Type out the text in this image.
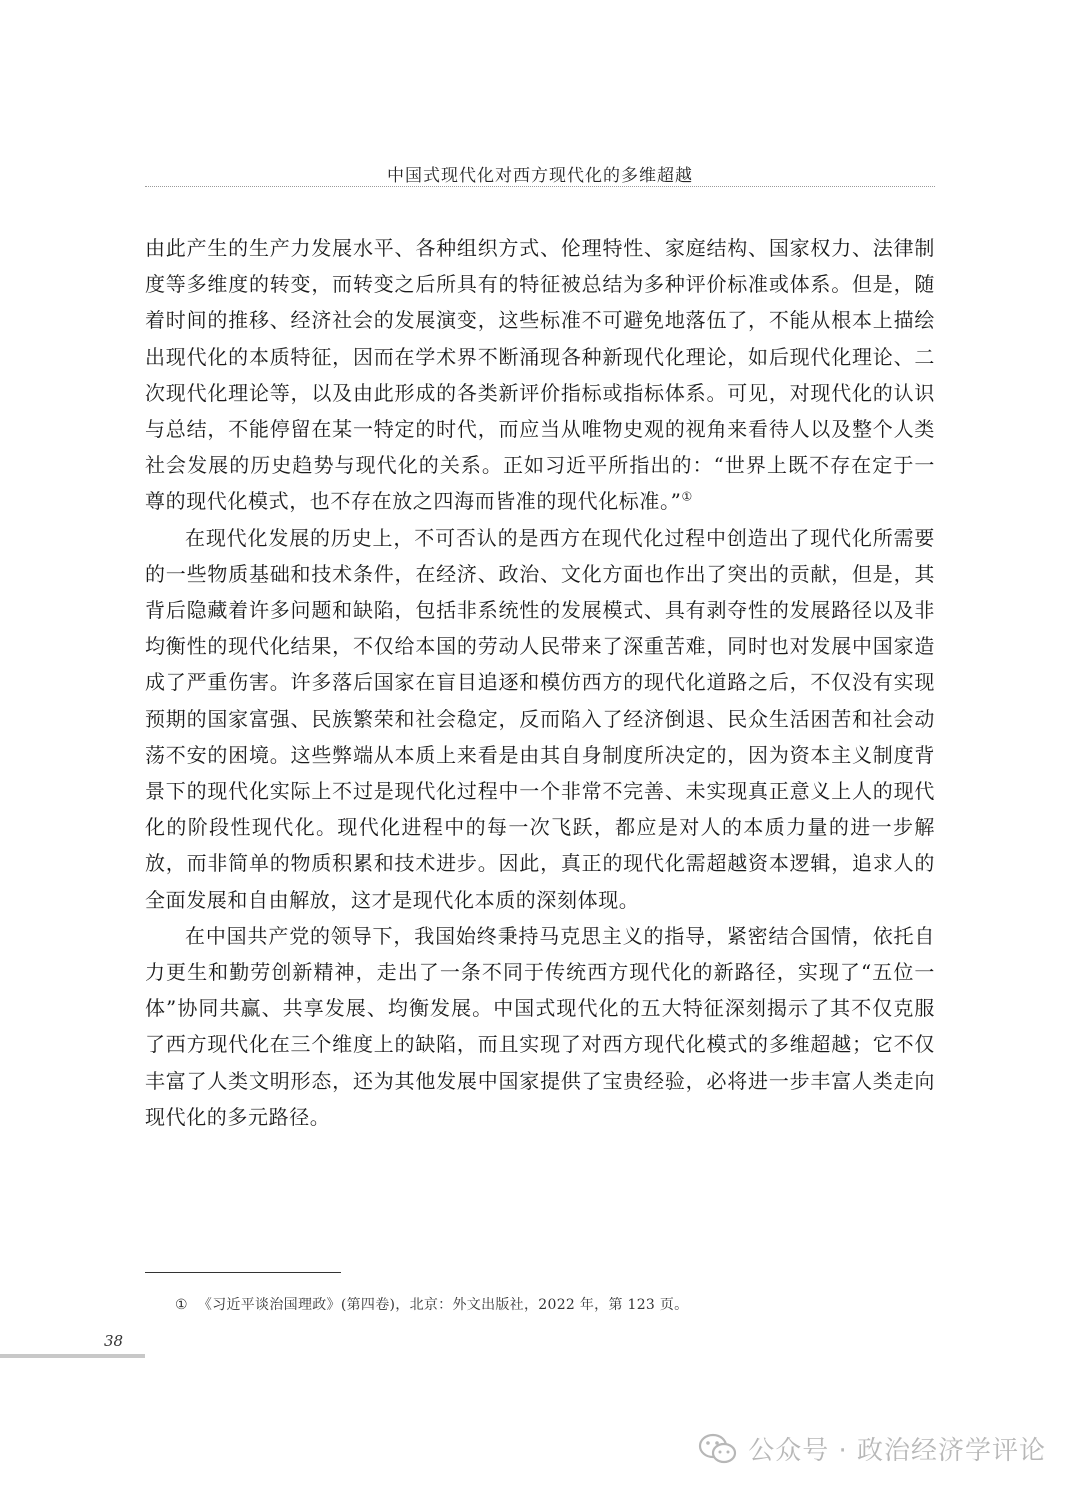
中国式现代化对西方现代化的多维超越

由此产生的生产力发展水平、各种组织方式、伦理特性、家庭结构、国家权力、法律制度等多维度的转变，而转变之后所具有的特征被总结为多种评价标准或体系。但是，随着时间的推移、经济社会的发展演变，这些标准不可避免地落伍了，不能从根本上描绘出现代化的本质特征，因而在学术界不断涌现各种新现代化理论，如后现代化理论、二次现代化理论等，以及由此形成的各类新评价指标或指标体系。可见，对现代化的认识与总结，不能停留在某一特定的时代，而应当从唯物史观的视角来看待人以及整个人类社会发展的历史趋势与现代化的关系。正如习近平所指出的：“世界上既不存在定于一尊的现代化模式，也不存在放之四海而皆准的现代化标准。”①

在现代化发展的历史上，不可否认的是西方在现代化过程中创造出了现代化所需要的一些物质基础和技术条件，在经济、政治、文化方面也作出了突出的贡献，但是，其背后隐藏着许多问题和缺陷，包括非系统性的发展模式、具有剥夺性的发展路径以及非均衡性的现代化结果，不仅给本国的劳动人民带来了深重苦难，同时也对发展中国家造成了严重伤害。许多落后国家在盲目追逐和模仿西方的现代化道路之后，不仅没有实现预期的国家富强、民族繁荣和社会稳定，反而陷入了经济倒退、民众生活困苦和社会动荡不安的困境。这些弊端从本质上来看是由其自身制度所决定的，因为资本主义制度背景下的现代化实际上不过是现代化过程中一个非常不完善、未实现真正意义上人的现代化的阶段性现代化。现代化进程中的每一次飞跃，都应是对人的本质力量的进一步解放，而非简单的物质积累和技术进步。因此，真正的现代化需超越资本逻辑，追求人的全面发展和自由解放，这才是现代化本质的深刻体现。

在中国共产党的领导下，我国始终秉持马克思主义的指导，紧密结合国情，依托自力更生和勤劳创新精神，走出了一条不同于传统西方现代化的新路径，实现了“五位一体”协同共赢、共享发展、均衡发展。中国式现代化的五大特征深刻揭示了其不仅克服了西方现代化在三个维度上的缺陷，而且实现了对西方现代化模式的多维超越；它不仅丰富了人类文明形态，还为其他发展中国家提供了宝贵经验，必将进一步丰富人类走向现代化的多元路径。

① 《习近平谈治国理政》(第四卷)，北京：外文出版社，2022 年，第 123 页。
38
公众号 · 政治经济学评论
